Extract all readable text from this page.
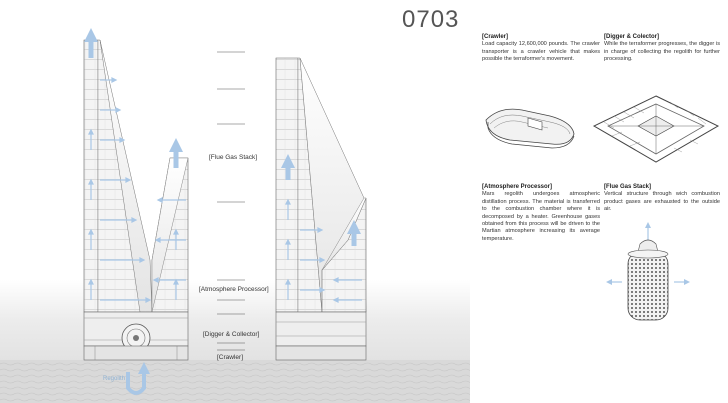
[Flue Gas Stack]
[Atmosphere Processor]
[Digger & Collector]
[Crawler]
Regolith
0703
[Crawler]

Load capacity 12,600,000 pounds. The crawler transporter is a crawler vehicle that makes possible the terraformer's movement.

[Digger & Colector]

While the terraformer progresses, the digger is in charge of collecting the regolith for further processing.

[Atmosphere Processor]

Mars regolith undergoes atmospheric distillation process. The material is transferred to the combustion chamber where it is decomposed by a heater. Greenhouse gases obtained from this process will be driven to the Martian atmosphere increasing its average temperature.

[Flue Gas Stack]

Vertical structure through wich combustion product gases are exhausted to the outside air.
